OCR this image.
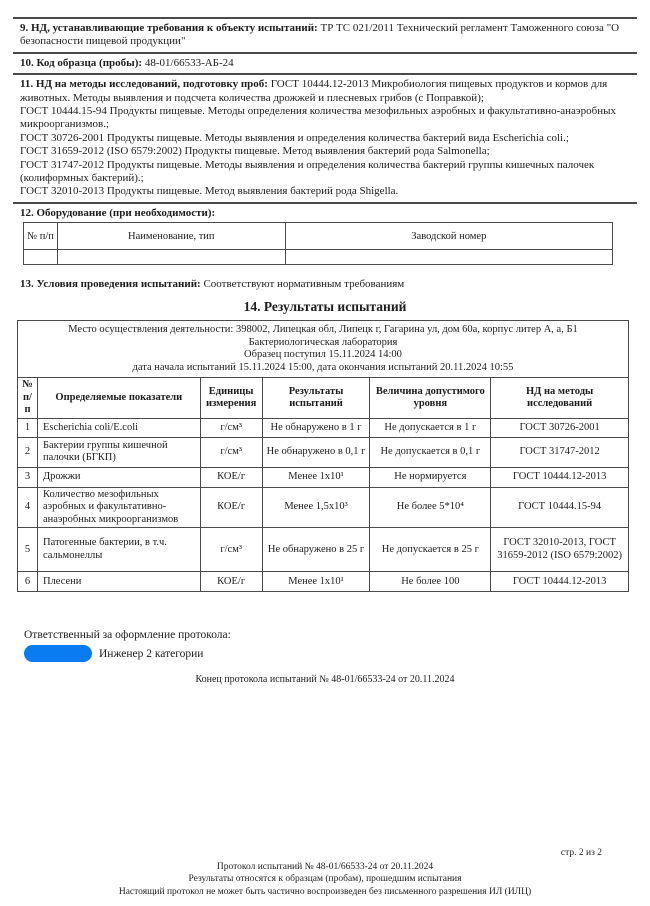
9. НД, устанавливающие требования к объекту испытаний: ТР ТС 021/2011 Технический регламент Таможенного союза "О безопасности пищевой продукции"
10. Код образца (пробы): 48-01/66533-АБ-24
11. НД на методы исследований, подготовку проб: ГОСТ 10444.12-2013 Микробиология пищевых продуктов и кормов для животных. Методы выявления и подсчета количества дрожжей и плесневых грибов (с Поправкой);
ГОСТ 10444.15-94 Продукты пищевые. Методы определения количества мезофильных аэробных и факультативно-анаэробных микроорганизмов.;
ГОСТ 30726-2001 Продукты пищевые. Методы выявления и определения количества бактерий вида Escherichia coli.;
ГОСТ 31659-2012 (ISO 6579:2002) Продукты пищевые. Метод выявления бактерий рода Salmonella;
ГОСТ 31747-2012 Продукты пищевые. Методы выявления и определения количества бактерий группы кишечных палочек (колиформных бактерий).;
ГОСТ 32010-2013 Продукты пищевые. Метод выявления бактерий рода Shigella.
12. Оборудование (при необходимости):
№ п/п	Наименование, тип	Заводской номер

13. Условия проведения испытаний: Соответствуют нормативным требованиям
14. Результаты испытаний
Место осуществления деятельности: 398002, Липецкая обл, Липецк г, Гагарина ул, дом 60а, корпус литер А, а, Б1
Бактериологическая лаборатория
Образец поступил 15.11.2024 14:00
дата начала испытаний 15.11.2024 15:00, дата окончания испытаний 20.11.2024 10:55					

№ п/п	Определяемые показатели	Единицы измерения	Результаты испытаний	Величина допустимого уровня	НД на методы исследований
1	Escherichia coli/E.coli	г/см³	Не обнаружено в 1 г	Не допускается в 1 г	ГОСТ 30726-2001
2	Бактерии группы кишечной палочки (БГКП)	г/см³	Не обнаружено в 0,1 г	Не допускается в 0,1 г	ГОСТ 31747-2012
3	Дрожжи	КОЕ/г	Менее 1x10¹	Не нормируется	ГОСТ 10444.12-2013
4	Количество мезофильных аэробных и факультативно-анаэробных микроорганизмов	КОЕ/г	Менее 1,5x10³	Не более 5*10⁴	ГОСТ 10444.15-94
5	Патогенные бактерии, в т.ч. сальмонеллы	г/см³	Не обнаружено в 25 г	Не допускается в 25 г	ГОСТ 32010-2013, ГОСТ 31659-2012 (ISO 6579:2002)
6	Плесени	КОЕ/г	Менее 1x10¹	Не более 100	ГОСТ 10444.12-2013
Ответственный за оформление протокола:
Инженер 2 категории
Конец протокола испытаний № 48-01/66533-24 от 20.11.2024
стр. 2 из 2
Протокол испытаний № 48-01/66533-24 от 20.11.2024
Результаты относятся к образцам (пробам), прошедшим испытания
Настоящий протокол не может быть частично воспроизведен без письменного разрешения ИЛ (ИЛЦ)
